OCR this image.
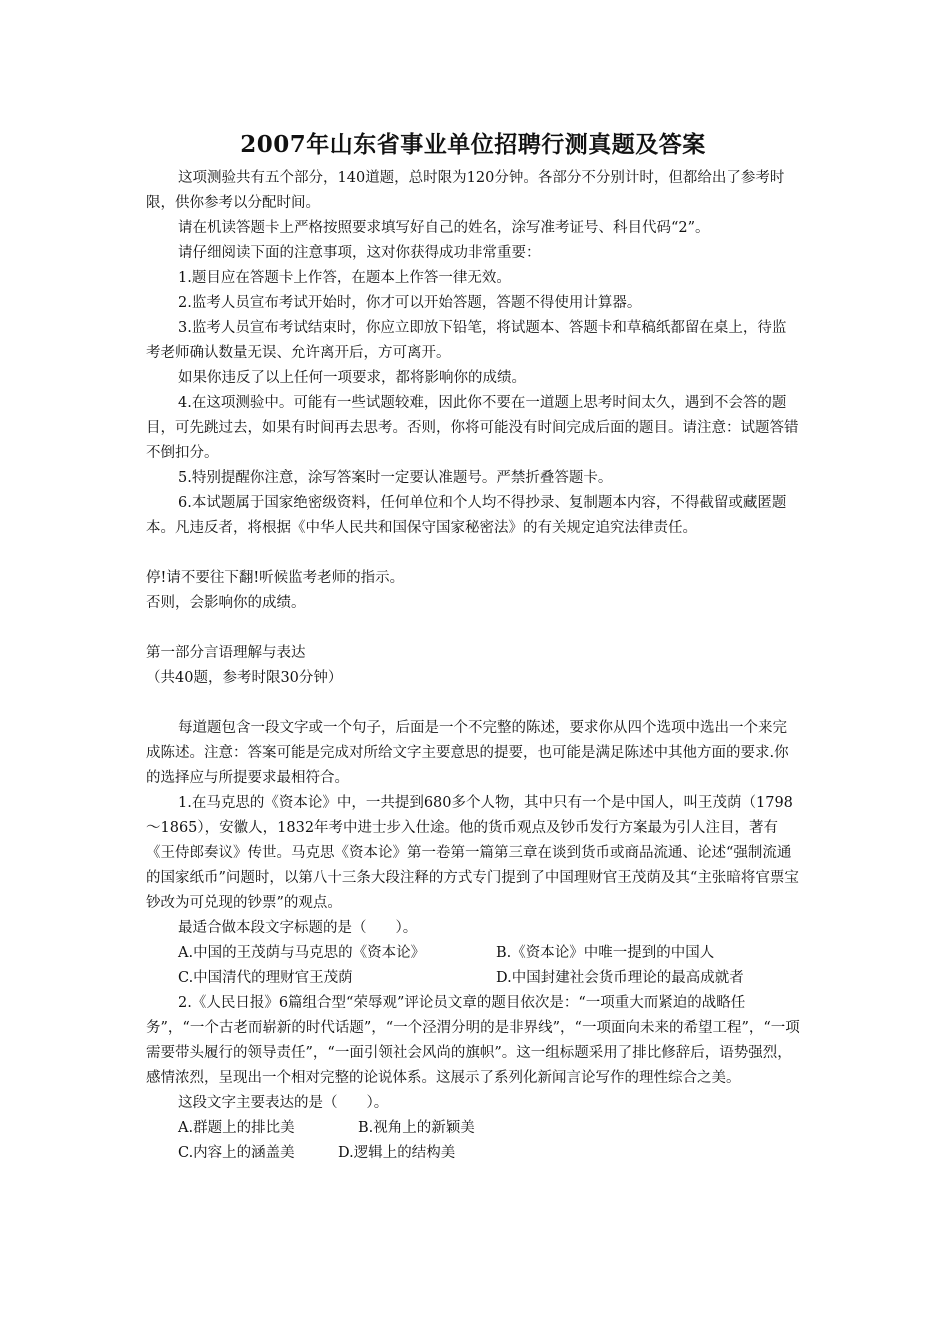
2007年山东省事业单位招聘行测真题及答案

这项测验共有五个部分，140道题，总时限为120分钟。各部分不分别计时，但都给出了参考时限，供你参考以分配时间。

请在机读答题卡上严格按照要求填写好自己的姓名，涂写准考证号、科目代码“2”。

请仔细阅读下面的注意事项，这对你获得成功非常重要：

1.题目应在答题卡上作答，在题本上作答一律无效。

2.监考人员宣布考试开始时，你才可以开始答题，答题不得使用计算器。

3.监考人员宣布考试结束时，你应立即放下铅笔，将试题本、答题卡和草稿纸都留在桌上，待监考老师确认数量无误、允许离开后，方可离开。

如果你违反了以上任何一项要求，都将影响你的成绩。

4.在这项测验中。可能有一些试题较难，因此你不要在一道题上思考时间太久，遇到不会答的题目，可先跳过去，如果有时间再去思考。否则，你将可能没有时间完成后面的题目。请注意：试题答错不倒扣分。

5.特别提醒你注意，涂写答案时一定要认准题号。严禁折叠答题卡。

6.本试题属于国家绝密级资料，任何单位和个人均不得抄录、复制题本内容，不得截留或藏匿题本。凡违反者，将根据《中华人民共和国保守国家秘密法》的有关规定追究法律责任。

停!请不要往下翻!听候监考老师的指示。

否则，会影响你的成绩。

第一部分言语理解与表达

（共40题，参考时限30分钟）

每道题包含一段文字或一个句子，后面是一个不完整的陈述，要求你从四个选项中选出一个来完成陈述。注意：答案可能是完成对所给文字主要意思的提要，也可能是满足陈述中其他方面的要求.你的选择应与所提要求最相符合。

1.在马克思的《资本论》中，一共提到680多个人物，其中只有一个是中国人，叫王茂荫（1798～1865），安徽人，1832年考中进士步入仕途。他的货币观点及钞币发行方案最为引人注目，著有《王侍郎奏议》传世。马克思《资本论》第一卷第一篇第三章在谈到货币或商品流通、论述“强制流通的国家纸币”问题时，以第八十三条大段注释的方式专门提到了中国理财官王茂荫及其“主张暗将官票宝钞改为可兑现的钞票”的观点。

最适合做本段文字标题的是（　　）。

A.中国的王茂荫与马克思的《资本论》	B.《资本论》中唯一提到的中国人
C.中国清代的理财官王茂荫	D.中国封建社会货币理论的最高成就者

2.《人民日报》6篇组合型“荣辱观”评论员文章的题目依次是：“一项重大而紧迫的战略任务”，“一个古老而崭新的时代话题”，“一个泾渭分明的是非界线”，“一项面向未来的希望工程”，“一项需要带头履行的领导责任”，“一面引领社会风尚的旗帜”。这一组标题采用了排比修辞后，语势强烈，感情浓烈，呈现出一个相对完整的论说体系。这展示了系列化新闻言论写作的理性综合之美。

这段文字主要表达的是（　　）。

A.群题上的排比美	B.视角上的新颖美
C.内容上的涵盖美	D.逻辑上的结构美
